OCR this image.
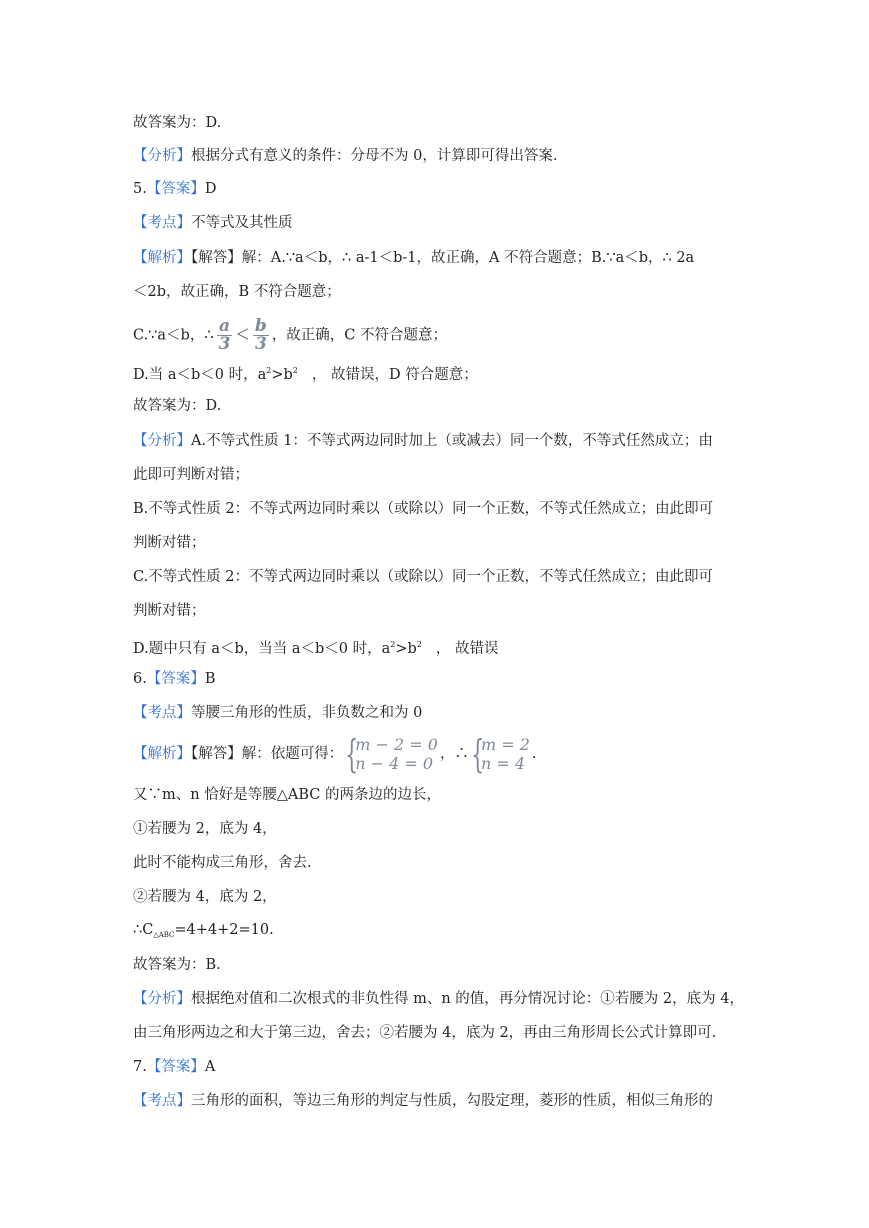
故答案为：D.
【分析】根据分式有意义的条件：分母不为 0，计算即可得出答案.
5.【答案】D
【考点】不等式及其性质
【解析】【解答】解：A.∵a＜b，∴ a-1＜b-1，故正确，A 不符合题意；B.∵a＜b，∴ 2a
＜2b，故正确，B 不符合题意；
C.∵a＜b，∴ $\frac{a}{3} < \frac{b}{3}$ ，故正确，C 不符合题意；
D.当 a＜b＜0 时，$a^2>b^2$ ， 故错误，D 符合题意；
故答案为：D.
【分析】A.不等式性质 1：不等式两边同时加上（或减去）同一个数，不等式任然成立；由
此即可判断对错；
B.不等式性质 2：不等式两边同时乘以（或除以）同一个正数，不等式任然成立；由此即可
判断对错；
C.不等式性质 2：不等式两边同时乘以（或除以）同一个正数，不等式任然成立；由此即可
判断对错；
D.题中只有 a＜b，当当 a＜b＜0 时，$a^2>b^2$ ， 故错误
6.【答案】B
【考点】等腰三角形的性质，非负数之和为 0
【解析】【解答】解：依题可得： {
m − 2 = 0
n − 4 = 0 ，∴ {
m = 2
n = 4 .
又∵m、n 恰好是等腰△ABC 的两条边的边长，
①若腰为 2，底为 4，
此时不能构成三角形，舍去.
②若腰为 4，底为 2，
$\therefore C_{\triangle ABC}=4+4+2=10$.
故答案为：B.
【分析】根据绝对值和二次根式的非负性得 m、n 的值，再分情况讨论：①若腰为 2，底为 4，
由三角形两边之和大于第三边，舍去；②若腰为 4，底为 2，再由三角形周长公式计算即可.
7.【答案】A
【考点】三角形的面积，等边三角形的判定与性质，勾股定理，菱形的性质，相似三角形的
